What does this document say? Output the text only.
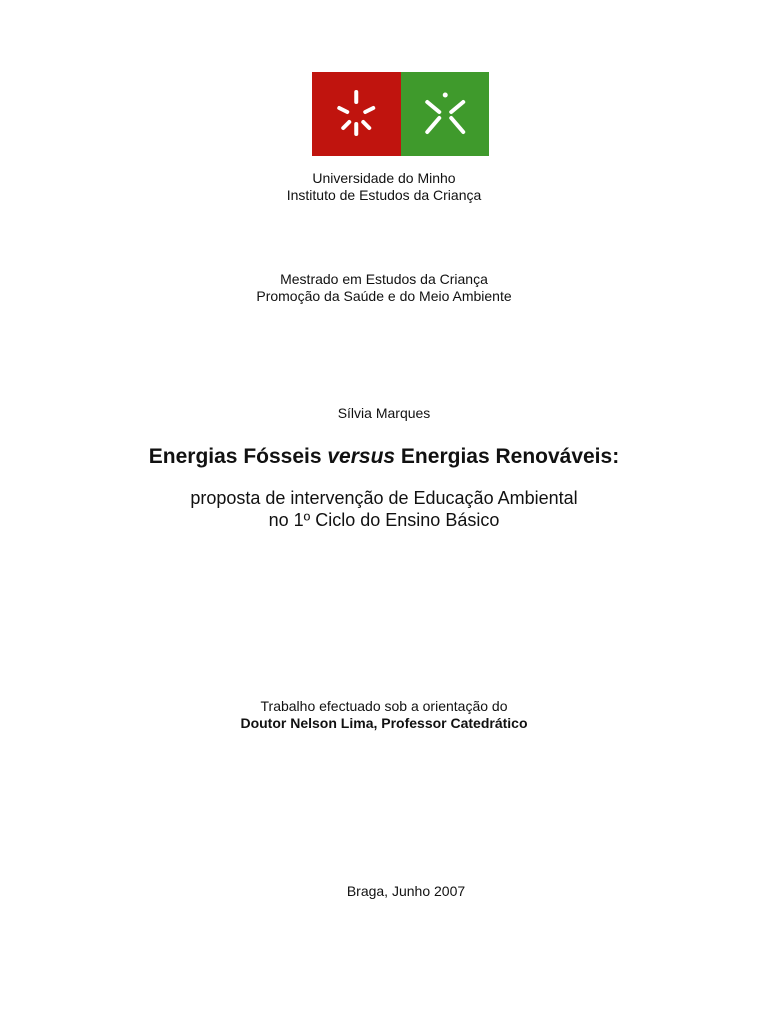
Universidade do Minho
Instituto de Estudos da Criança
Mestrado em Estudos da Criança
Promoção da Saúde e do Meio Ambiente
Sílvia Marques
Energias Fósseis versus Energias Renováveis:
proposta de intervenção de Educação Ambiental
no 1º Ciclo do Ensino Básico
Trabalho efectuado sob a orientação do
Doutor Nelson Lima, Professor Catedrático
Braga, Junho 2007
